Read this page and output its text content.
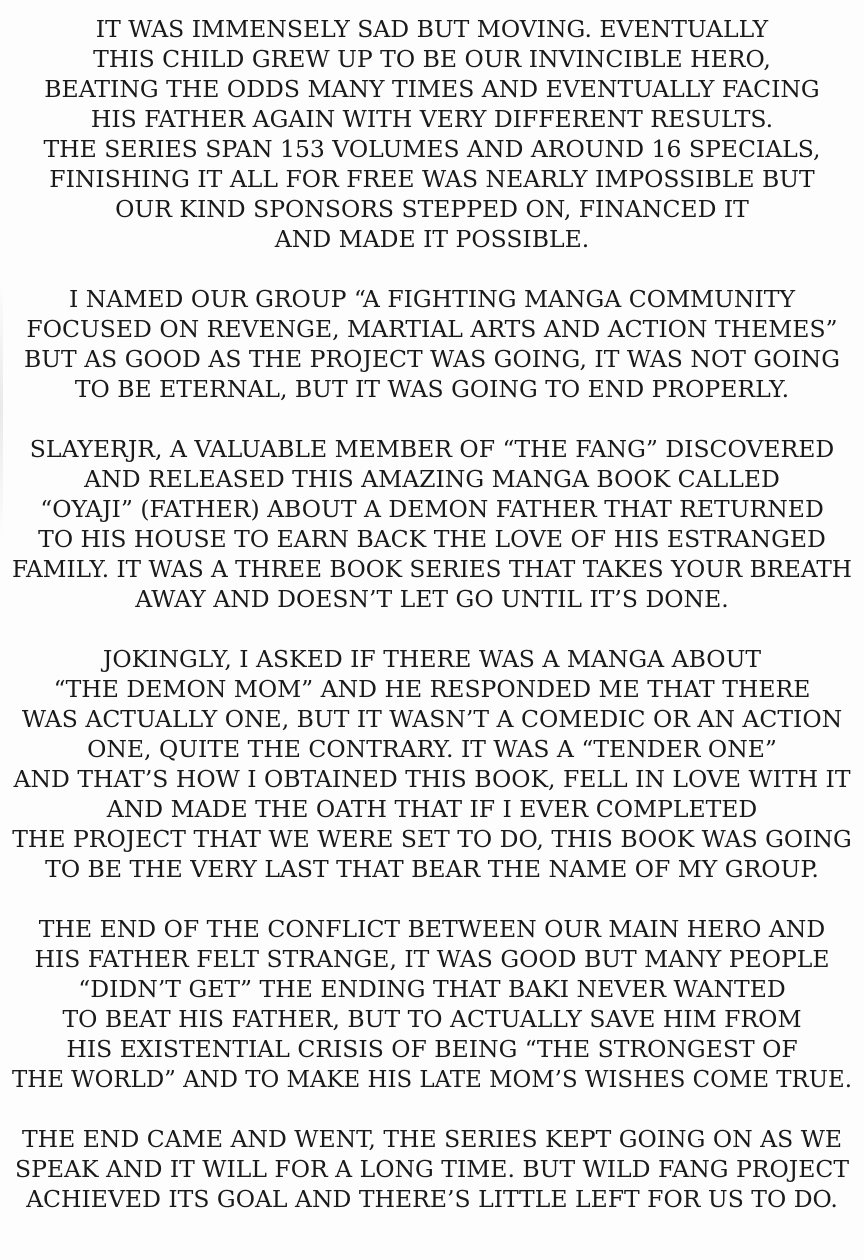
IT WAS IMMENSELY SAD BUT MOVING. EVENTUALLY
THIS CHILD GREW UP TO BE OUR INVINCIBLE HERO,
BEATING THE ODDS MANY TIMES AND EVENTUALLY FACING
HIS FATHER AGAIN WITH VERY DIFFERENT RESULTS.
THE SERIES SPAN 153 VOLUMES AND AROUND 16 SPECIALS,
FINISHING IT ALL FOR FREE WAS NEARLY IMPOSSIBLE BUT
OUR KIND SPONSORS STEPPED ON, FINANCED IT
AND MADE IT POSSIBLE.

I NAMED OUR GROUP “A FIGHTING MANGA COMMUNITY
FOCUSED ON REVENGE, MARTIAL ARTS AND ACTION THEMES”
BUT AS GOOD AS THE PROJECT WAS GOING, IT WAS NOT GOING
TO BE ETERNAL, BUT IT WAS GOING TO END PROPERLY.

SLAYERJR, A VALUABLE MEMBER OF “THE FANG” DISCOVERED
AND RELEASED THIS AMAZING MANGA BOOK CALLED
“OYAJI” (FATHER) ABOUT A DEMON FATHER THAT RETURNED
TO HIS HOUSE TO EARN BACK THE LOVE OF HIS ESTRANGED
FAMILY. IT WAS A THREE BOOK SERIES THAT TAKES YOUR BREATH
AWAY AND DOESN’T LET GO UNTIL IT’S DONE.

JOKINGLY, I ASKED IF THERE WAS A MANGA ABOUT
“THE DEMON MOM” AND HE RESPONDED ME THAT THERE
WAS ACTUALLY ONE, BUT IT WASN’T A COMEDIC OR AN ACTION
ONE, QUITE THE CONTRARY. IT WAS A “TENDER ONE”
AND THAT’S HOW I OBTAINED THIS BOOK, FELL IN LOVE WITH IT
AND MADE THE OATH THAT IF I EVER COMPLETED
THE PROJECT THAT WE WERE SET TO DO, THIS BOOK WAS GOING
TO BE THE VERY LAST THAT BEAR THE NAME OF MY GROUP.

THE END OF THE CONFLICT BETWEEN OUR MAIN HERO AND
HIS FATHER FELT STRANGE, IT WAS GOOD BUT MANY PEOPLE
“DIDN’T GET” THE ENDING THAT BAKI NEVER WANTED
TO BEAT HIS FATHER, BUT TO ACTUALLY SAVE HIM FROM
HIS EXISTENTIAL CRISIS OF BEING “THE STRONGEST OF
THE WORLD” AND TO MAKE HIS LATE MOM’S WISHES COME TRUE.

THE END CAME AND WENT, THE SERIES KEPT GOING ON AS WE
SPEAK AND IT WILL FOR A LONG TIME. BUT WILD FANG PROJECT
ACHIEVED ITS GOAL AND THERE’S LITTLE LEFT FOR US TO DO.
